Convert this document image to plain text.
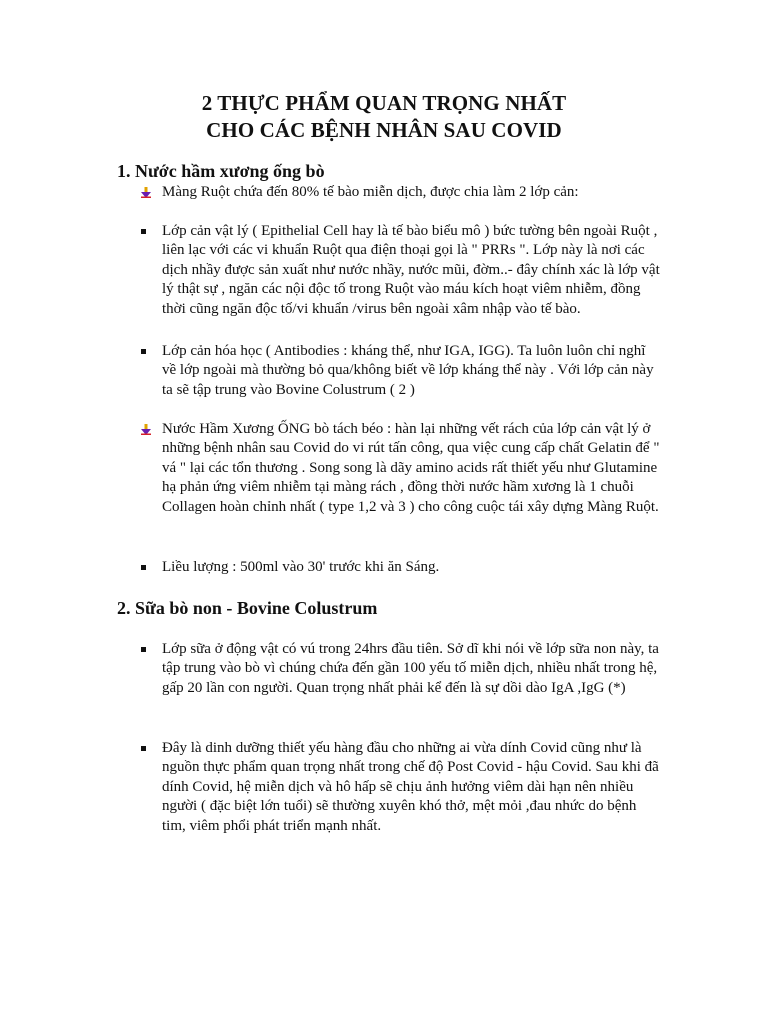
2 THỰC PHẨM QUAN TRỌNG NHẤT
CHO CÁC BỆNH NHÂN SAU COVID
1. Nước hầm xương ống bò

Màng Ruột chứa đến 80% tế bào miễn dịch, được chia làm 2 lớp cản:

Lớp cản vật lý ( Epithelial Cell hay là tế bào biểu mô ) bức tường bên ngoài Ruột , liên lạc với các vi khuẩn Ruột qua điện thoại gọi là " PRRs ". Lớp này là nơi các dịch nhầy được sản xuất như nước nhầy, nước mũi, đờm..- đây chính xác là lớp vật lý thật sự , ngăn các nội độc tố trong Ruột vào máu kích hoạt viêm nhiễm, đồng thời cũng ngăn độc tố/vi khuẩn /virus bên ngoài xâm nhập vào tế bào.

Lớp cản hóa học ( Antibodies : kháng thể, như IGA, IGG). Ta luôn luôn chỉ nghĩ về lớp ngoài mà thường bỏ qua/không biết về lớp kháng thể này . Với lớp cản này ta sẽ tập trung vào Bovine Colustrum ( 2 )

Nước Hầm Xương ỐNG bò tách béo : hàn lại những vết rách của lớp cản vật lý ở những bệnh nhân sau Covid do vi rút tấn công, qua việc cung cấp chất Gelatin để " vá " lại các tổn thương . Song song là dãy amino acids rất thiết yếu như Glutamine hạ phản ứng viêm nhiễm tại màng rách , đồng thời nước hầm xương là 1 chuỗi Collagen hoàn chỉnh nhất ( type 1,2 và 3 ) cho công cuộc tái xây dựng Màng Ruột.

Liều lượng : 500ml vào 30' trước khi ăn Sáng.

2. Sữa bò non - Bovine Colustrum

Lớp sữa ở động vật có vú trong 24hrs đầu tiên. Sở dĩ khi nói về lớp sữa non này, ta tập trung vào bò vì chúng chứa đến gần 100 yếu tố miễn dịch, nhiều nhất trong hệ, gấp 20 lần con người. Quan trọng nhất phải kể đến là sự dồi dào IgA ,IgG (*)

Đây là dinh dưỡng thiết yếu hàng đầu cho những ai vừa dính Covid cũng như là nguồn thực phẩm quan trọng nhất trong chế độ Post Covid - hậu Covid. Sau khi đã dính Covid, hệ miễn dịch và hô hấp sẽ chịu ảnh hưởng viêm dài hạn nên nhiều người ( đặc biệt lớn tuổi) sẽ thường xuyên khó thở, mệt mỏi ,đau nhức do bệnh tim, viêm phổi phát triển mạnh nhất.
